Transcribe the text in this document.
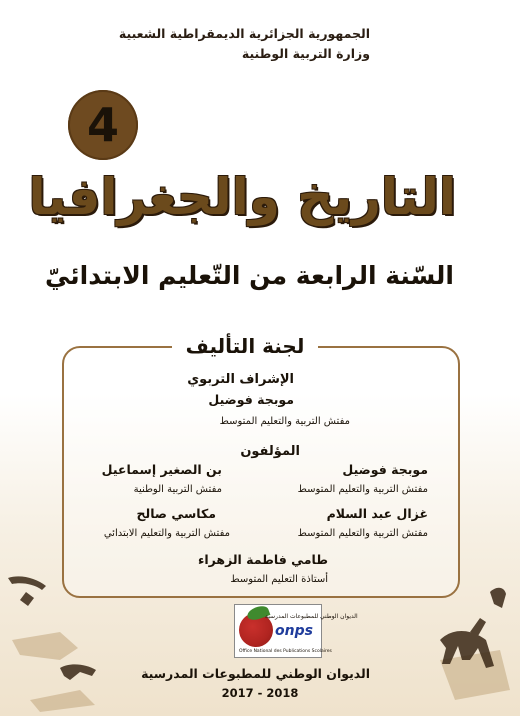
الجمهورية الجزائرية الديمقراطية الشعبية
وزارة التربية الوطنية
4
التاريخ والجغرافيا
السّنة الرابعة من التّعليم الابتدائيّ
لجنة التأليف
الإشراف التربوي
موبجة فوضيل
مفتش التربية والتعليم المتوسط
المؤلفون
موبجة فوضيل
مفتش التربية والتعليم المتوسط
بن الصغير إسماعيل
مفتش التربية الوطنية
غزال عبد السلام
مفتش التربية والتعليم المتوسط
مكاسي صالح
مفتش التربية والتعليم الابتدائي
طامي فاطمة الزهراء
أستاذة التعليم المتوسط
الديوان الوطني للمطبوعات المدرسية
onps
Office National des Publications Scolaires
الديوان الوطني للمطبوعات المدرسية
2017 - 2018
